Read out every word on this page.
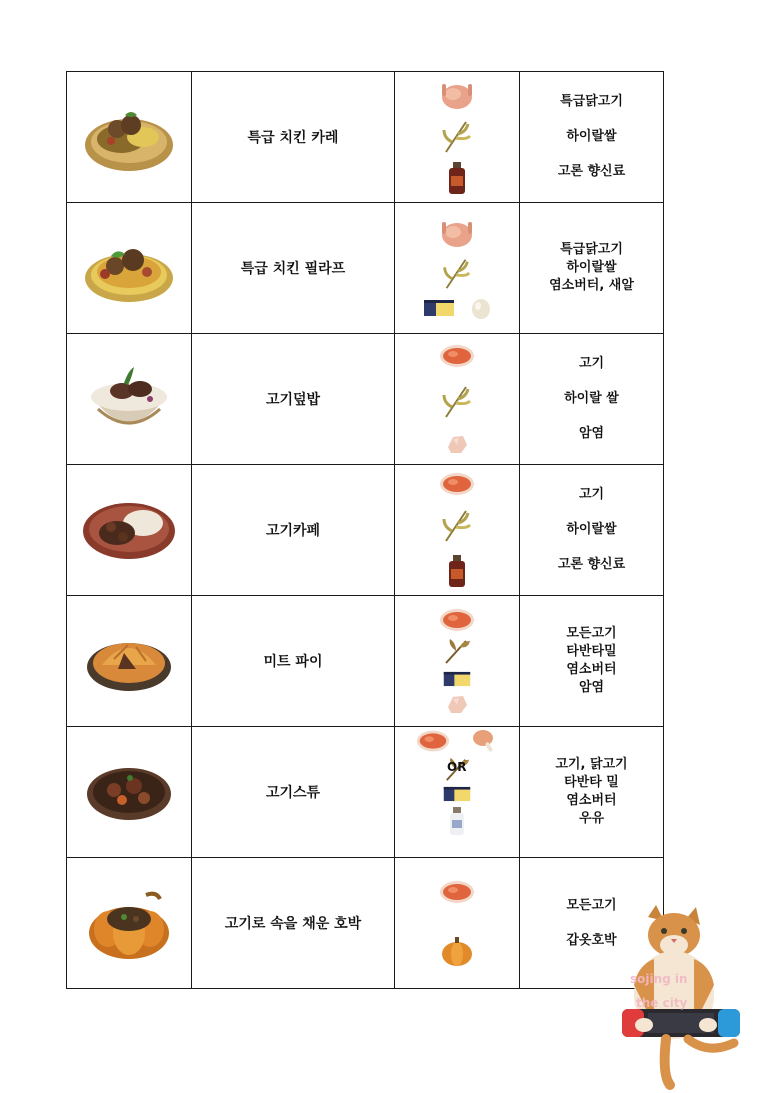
	특급 치킨 카레		특급닭고기
하이랄쌀
고론 향신료

	특급 치킨 필라프		특급닭고기
하이랄쌀
염소버터, 새알

	고기덮밥		고기
하이랄 쌀
암염

	고기카페		고기
하이랄쌀
고론 향신료

	미트 파이		모든고기
타반타밀
염소버터
암염

	고기스튜	OR	고기, 닭고기
타반타 밀
염소버터
우유

	고기로 속을 채운 호박		모든고기
갑옷호박
sojing in
the city
